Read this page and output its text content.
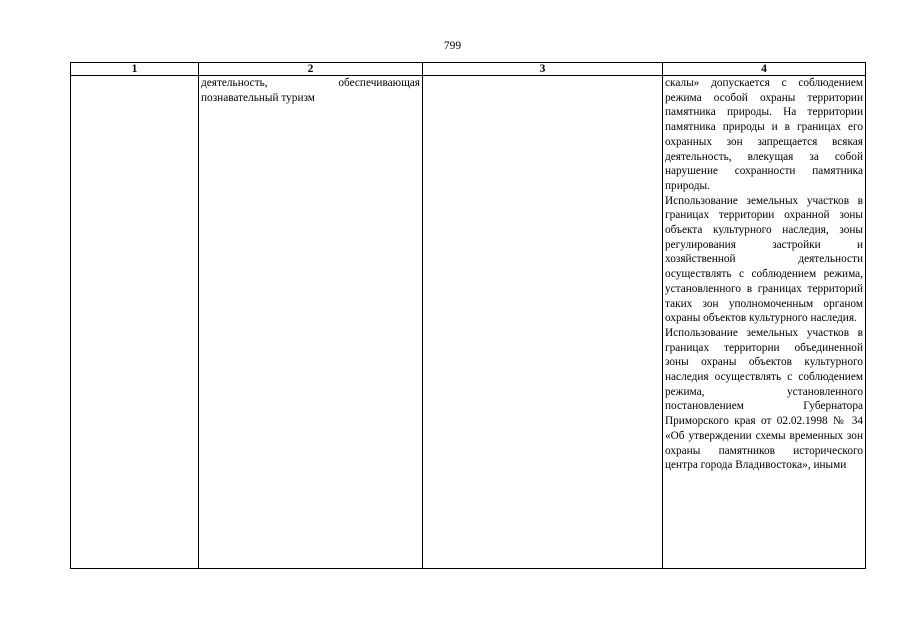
799
1	2	3	4

	деятельность, обеспечивающая познавательный туризм		скалы» допускается с соблюдением режима особой охраны территории памятника природы. На территории памятника природы и в границах его охранных зон запрещается всякая деятельность, влекущая за собой нарушение сохранности памятника природы.
Использование земельных участков в границах территории охранной зоны объекта культурного наследия, зоны регулирования застройки и хозяйственной деятельности осуществлять с соблюдением режима, установленного в границах территорий таких зон уполномоченным органом охраны объектов культурного наследия.
Использование земельных участков в границах территории объединенной зоны охраны объектов культурного наследия осуществлять с соблюдением режима, установленного постановлением Губернатора Приморского края от 02.02.1998 № 34 «Об утверждении схемы временных зон охраны памятников исторического центра города Владивостока», иными
